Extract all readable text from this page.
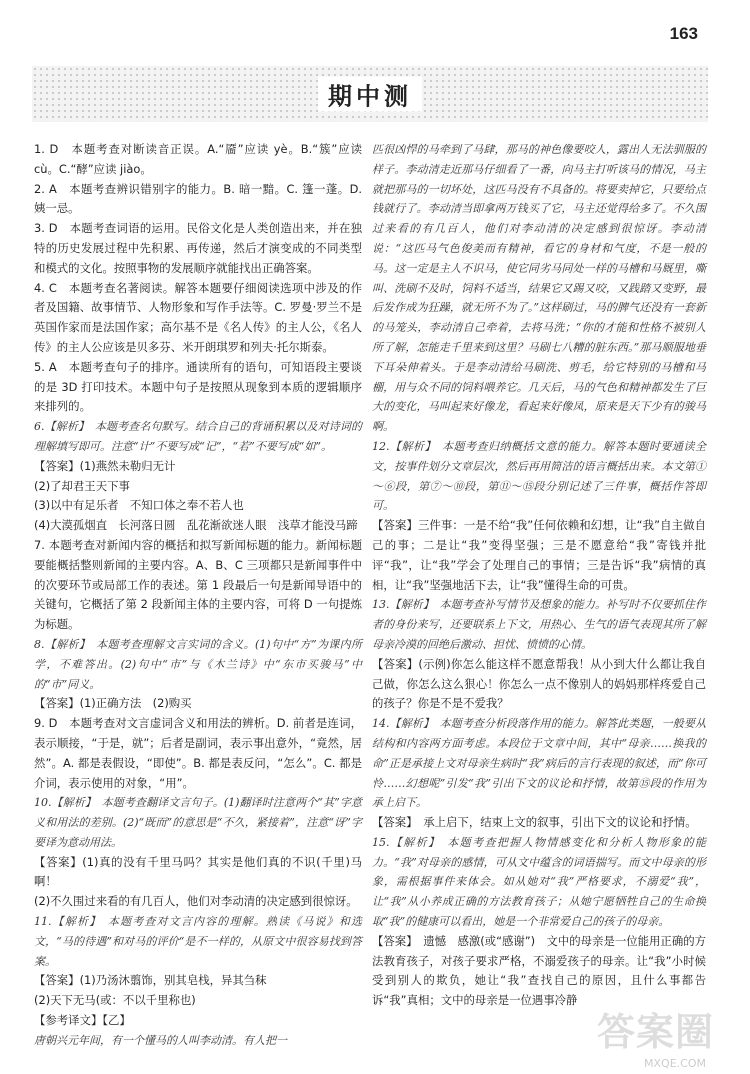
163
期中测

1. D　本题考查对断读音正误。A.“靥”应读 yè。B.“簇”应读 cù。C.“酵”应读 jiào。

2. A　本题考查辨识错别字的能力。B. 暗一黯。C. 篷一蓬。D. 姨一忌。

3. D　本题考查词语的运用。民俗文化是人类创造出来，并在独特的历史发展过程中先积累、再传递，然后才演变成的不同类型和模式的文化。按照事物的发展顺序就能找出正确答案。

4. C　本题考查名著阅读。解答本题要仔细阅读选项中涉及的作者及国籍、故事情节、人物形象和写作手法等。C. 罗曼·罗兰不是英国作家而是法国作家；高尔基不是《名人传》的主人公，《名人传》的主人公应该是贝多芬、米开朗琪罗和列夫·托尔斯泰。

5. A　本题考查句子的排序。通读所有的语句，可知语段主要谈的是 3D 打印技术。本题中句子是按照从现象到本质的逻辑顺序来排列的。

6.【解析】　本题考查名句默写。结合自己的背诵积累以及对诗词的理解填写即可。注意“计”不要写成“记”，“若”不要写成“如”。

【答案】(1)燕然未勒归无计

(2)了却君王天下事

(3)以中有足乐者　不知口体之奉不若人也

(4)大漠孤烟直　长河落日圆　乱花渐欲迷人眼　浅草才能没马蹄

7. 本题考查对新闻内容的概括和拟写新闻标题的能力。新闻标题要能概括整则新闻的主要内容。A、B、C 三项都只是新闻事件中的次要环节或局部工作的表述。第 1 段最后一句是新闻导语中的关键句，它概括了第 2 段新闻主体的主要内容，可将 D 一句提炼为标题。

8.【解析】　本题考查理解文言实词的含义。(1)句中“方”为课内所学，不难答出。(2)句中“市”与《木兰诗》中“东市买骏马”中的“市”同义。

【答案】(1)正确方法　(2)购买

9. D　本题考查对文言虚词含义和用法的辨析。D. 前者是连词，表示顺接，“于是，就”；后者是副词，表示事出意外，“竟然，居然”。A. 都是表假设，“即使”。B. 都是表反问，“怎么”。C. 都是介词，表示使用的对象，“用”。

10.【解析】　本题考查翻译文言句子。(1)翻译时注意两个“其”字意义和用法的差别。(2)“既而”的意思是“不久，紧接着”，注意“讶”字要译为意动用法。

【答案】(1)真的没有千里马吗？其实是他们真的不识(千里)马啊！

(2)不久围过来看的有几百人，他们对李动清的决定感到很惊讶。

11.【解析】　本题考查对文言内容的理解。熟读《马说》和选文，“马的待遇”和对马的评价“是不一样的，从原文中很容易找到答案。

【答案】(1)乃汤沐翦饰，别其皂栈，异其刍秣

(2)天下无马(或：不以千里称也)

【参考译文】【乙】

唐朝兴元年间，有一个懂马的人叫李动清。有人把一

匹很凶悍的马牵到了马肆，那马的神色像要咬人，露出人无法驯服的样子。李动清走近那马仔细看了一番，向马主打听该马的情况，马主就把那马的一切坏处，这匹马没有不具备的。将要卖掉它，只要给点钱就行了。李动清当即拿两万钱买了它，马主还觉得给多了。不久围过来看的有几百人，他们对李动清的决定感到很惊讶。李动清说：“这匹马气色俊美而有精神，看它的身材和气度，不是一般的马。这一定是主人不识马，使它同劣马同处一样的马槽和马厩里，嘶叫、洗刷不及时，饲料不适当，结果它又踢又咬，又践踏又变野，最后发作成为狂躁，就无所不为了。”这样刷过，马的脾气还没有一套新的马笼头，李动清自己牵着，去将马洗；“你的才能和性格不被别人所了解，怎能走千里来到这里？马刷七八糟的脏东西。”那马顺服地垂下耳朵伸着头。于是李动清给马刷洗、剪毛，给它特别的马槽和马棚，用与众不同的饲料喂养它。几天后，马的气色和精神都发生了巨大的变化，马叫起来好像龙，看起来好像凤，原来是天下少有的骏马啊。

12.【解析】　本题考查归纳概括文意的能力。解答本题时要通读全文，按事件划分文章层次，然后再用简洁的语言概括出来。本文第①～⑥段，第⑦～⑩段，第⑪～⑮段分别记述了三件事，概括作答即可。

【答案】三件事：一是不给“我”任何依赖和幻想，让“我”自主做自己的事；二是让“我”变得坚强；三是不愿意给“我”寄钱并批评“我”，让“我”学会了处理自己的事情；三是告诉“我”病情的真相，让“我”坚强地活下去，让“我”懂得生命的可贵。

13.【解析】　本题考查补写情节及想象的能力。补写时不仅要抓住作者的身份来写，还要联系上下文，用热心、生气的语气表现其所了解母亲冷漠的回绝后激动、担忧、愤愤的心情。

【答案】(示例)你怎么能这样不愿意帮我！从小到大什么都让我自己做，你怎么这么狠心！你怎么一点不像别人的妈妈那样疼爱自己的孩子？你是不是不爱我？

14.【解析】　本题考查分析段落作用的能力。解答此类题，一般要从结构和内容两方面考虑。本段位于文章中间，其中“母亲……换我的命”正是承接上文对母亲生病时“我”病后的言行表现的叙述，而“你可怜……幻想呢”引发“我”引出下文的议论和抒情，故第⑮段的作用为承上启下。

【答案】　承上启下，结束上文的叙事，引出下文的议论和抒情。

15.【解析】　本题考查把握人物情感变化和分析人物形象的能力。“我”对母亲的感情，可从文中蕴含的词语揣写。而文中母亲的形象，需根据事件来体会。如从她对“我”严格要求，不溺爱“我”，让“我”从小养成正确的方法教育孩子；从她宁愿牺牲自己的生命换取“我”的健康可以看出，她是一个非常爱自己的孩子的母亲。

【答案】　遗憾　感激(或“感谢”)　文中的母亲是一位能用正确的方法教育孩子，对孩子要求严格，不溺爱孩子的母亲。让“我”小时候受到别人的欺负，她让“我”查找自己的原因，且什么事都告诉“我”真相；文中的母亲是一位遇事冷静

答案圈
MXQE.COM
